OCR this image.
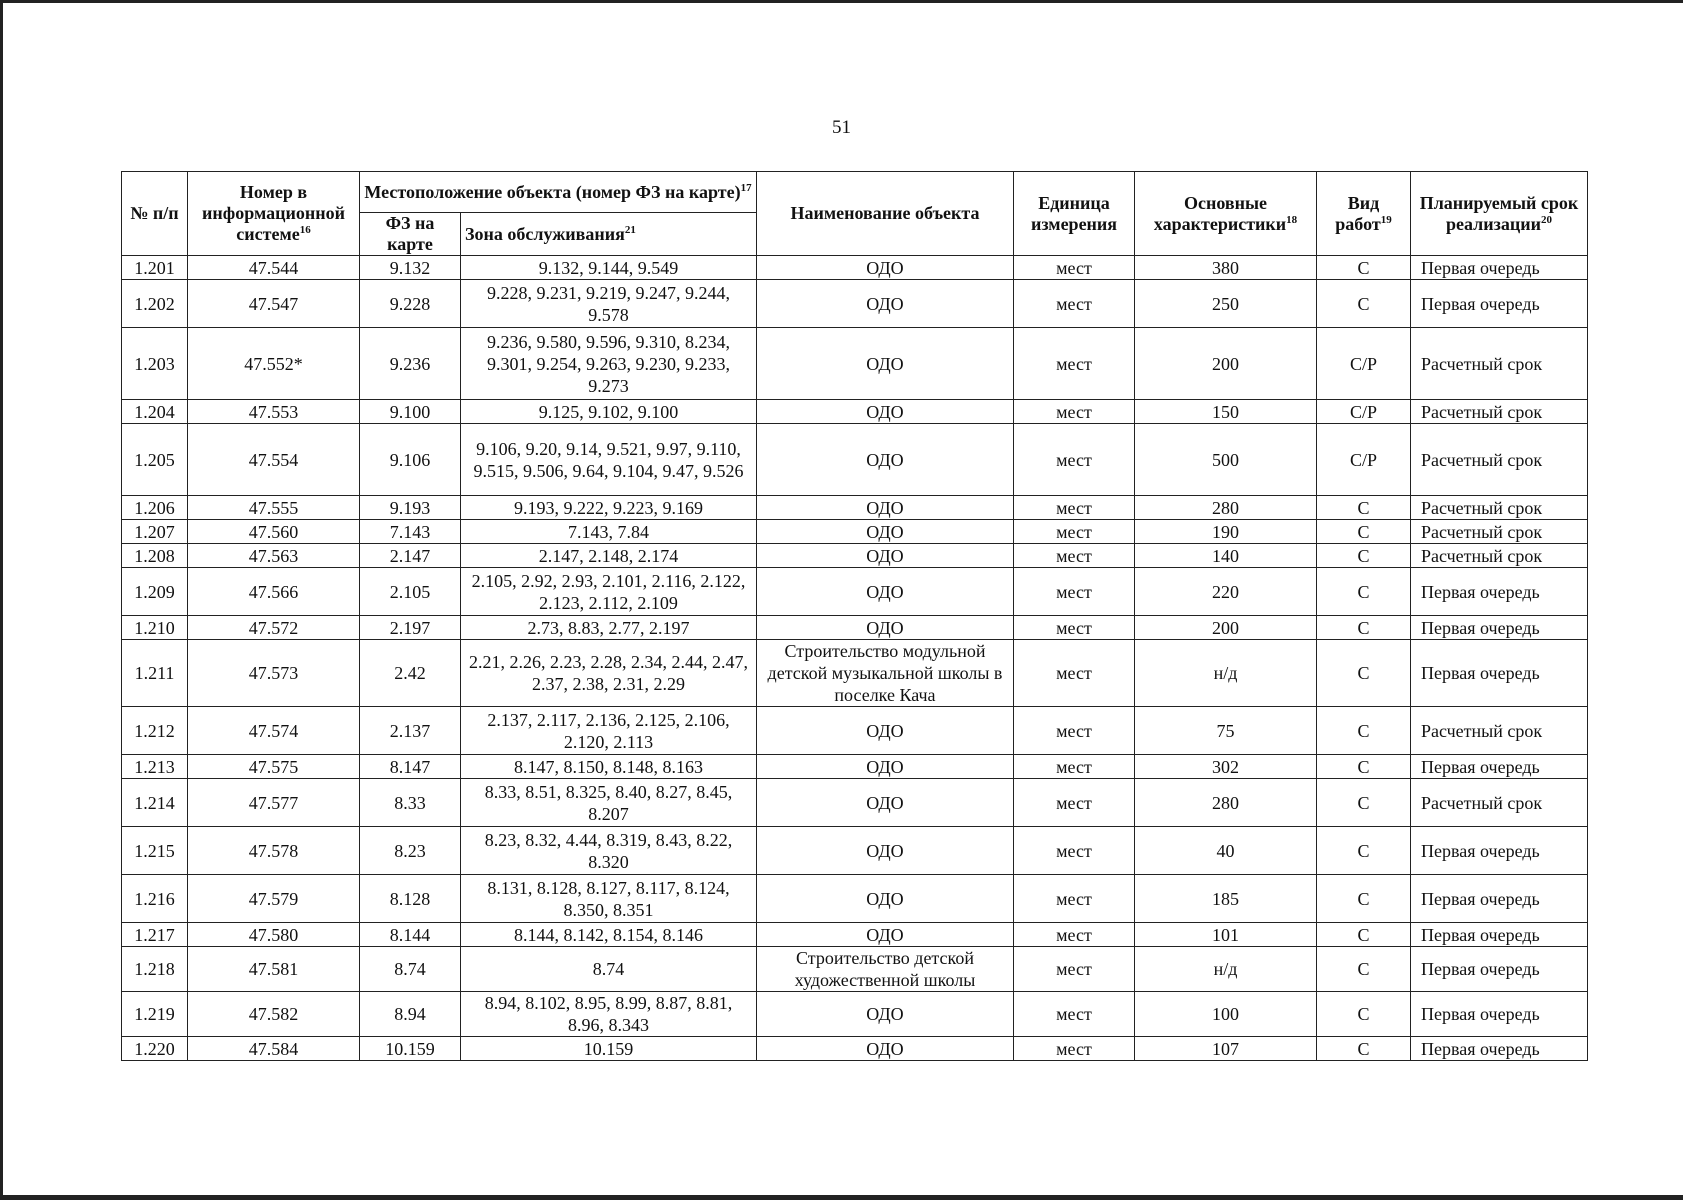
51
№ п/п	Номер в информационной системе$^{16}$	Местоположение объекта (номер ФЗ на карте)$^{17}$		Наименование объекта	Единица измерения	Основные характеристики$^{18}$	Вид работ$^{19}$	Планируемый срок реализации$^{20}$
		ФЗ на карте	Зона обслуживания$^{21}$
1.201	47.544	9.132	9.132, 9.144, 9.549	ОДО	мест	380	С	Первая очередь
1.202	47.547	9.228	9.228, 9.231, 9.219, 9.247, 9.244, 9.578	ОДО	мест	250	С	Первая очередь
1.203	47.552*	9.236	9.236, 9.580, 9.596, 9.310, 8.234, 9.301, 9.254, 9.263, 9.230, 9.233, 9.273	ОДО	мест	200	С/Р	Расчетный срок
1.204	47.553	9.100	9.125, 9.102, 9.100	ОДО	мест	150	С/Р	Расчетный срок
1.205	47.554	9.106	9.106, 9.20, 9.14, 9.521, 9.97, 9.110, 9.515, 9.506, 9.64, 9.104, 9.47, 9.526	ОДО	мест	500	С/Р	Расчетный срок
1.206	47.555	9.193	9.193, 9.222, 9.223, 9.169	ОДО	мест	280	С	Расчетный срок
1.207	47.560	7.143	7.143, 7.84	ОДО	мест	190	С	Расчетный срок
1.208	47.563	2.147	2.147, 2.148, 2.174	ОДО	мест	140	С	Расчетный срок
1.209	47.566	2.105	2.105, 2.92, 2.93, 2.101, 2.116, 2.122, 2.123, 2.112, 2.109	ОДО	мест	220	С	Первая очередь
1.210	47.572	2.197	2.73, 8.83, 2.77, 2.197	ОДО	мест	200	С	Первая очередь
1.211	47.573	2.42	2.21, 2.26, 2.23, 2.28, 2.34, 2.44, 2.47, 2.37, 2.38, 2.31, 2.29	Строительство модульной детской музыкальной школы в поселке Кача	мест	н/д	С	Первая очередь
1.212	47.574	2.137	2.137, 2.117, 2.136, 2.125, 2.106, 2.120, 2.113	ОДО	мест	75	С	Расчетный срок
1.213	47.575	8.147	8.147, 8.150, 8.148, 8.163	ОДО	мест	302	С	Первая очередь
1.214	47.577	8.33	8.33, 8.51, 8.325, 8.40, 8.27, 8.45, 8.207	ОДО	мест	280	С	Расчетный срок
1.215	47.578	8.23	8.23, 8.32, 4.44, 8.319, 8.43, 8.22, 8.320	ОДО	мест	40	С	Первая очередь
1.216	47.579	8.128	8.131, 8.128, 8.127, 8.117, 8.124, 8.350, 8.351	ОДО	мест	185	С	Первая очередь
1.217	47.580	8.144	8.144, 8.142, 8.154, 8.146	ОДО	мест	101	С	Первая очередь
1.218	47.581	8.74	8.74	Строительство детской художественной школы	мест	н/д	С	Первая очередь
1.219	47.582	8.94	8.94, 8.102, 8.95, 8.99, 8.87, 8.81, 8.96, 8.343	ОДО	мест	100	С	Первая очередь
1.220	47.584	10.159	10.159	ОДО	мест	107	С	Первая очередь
